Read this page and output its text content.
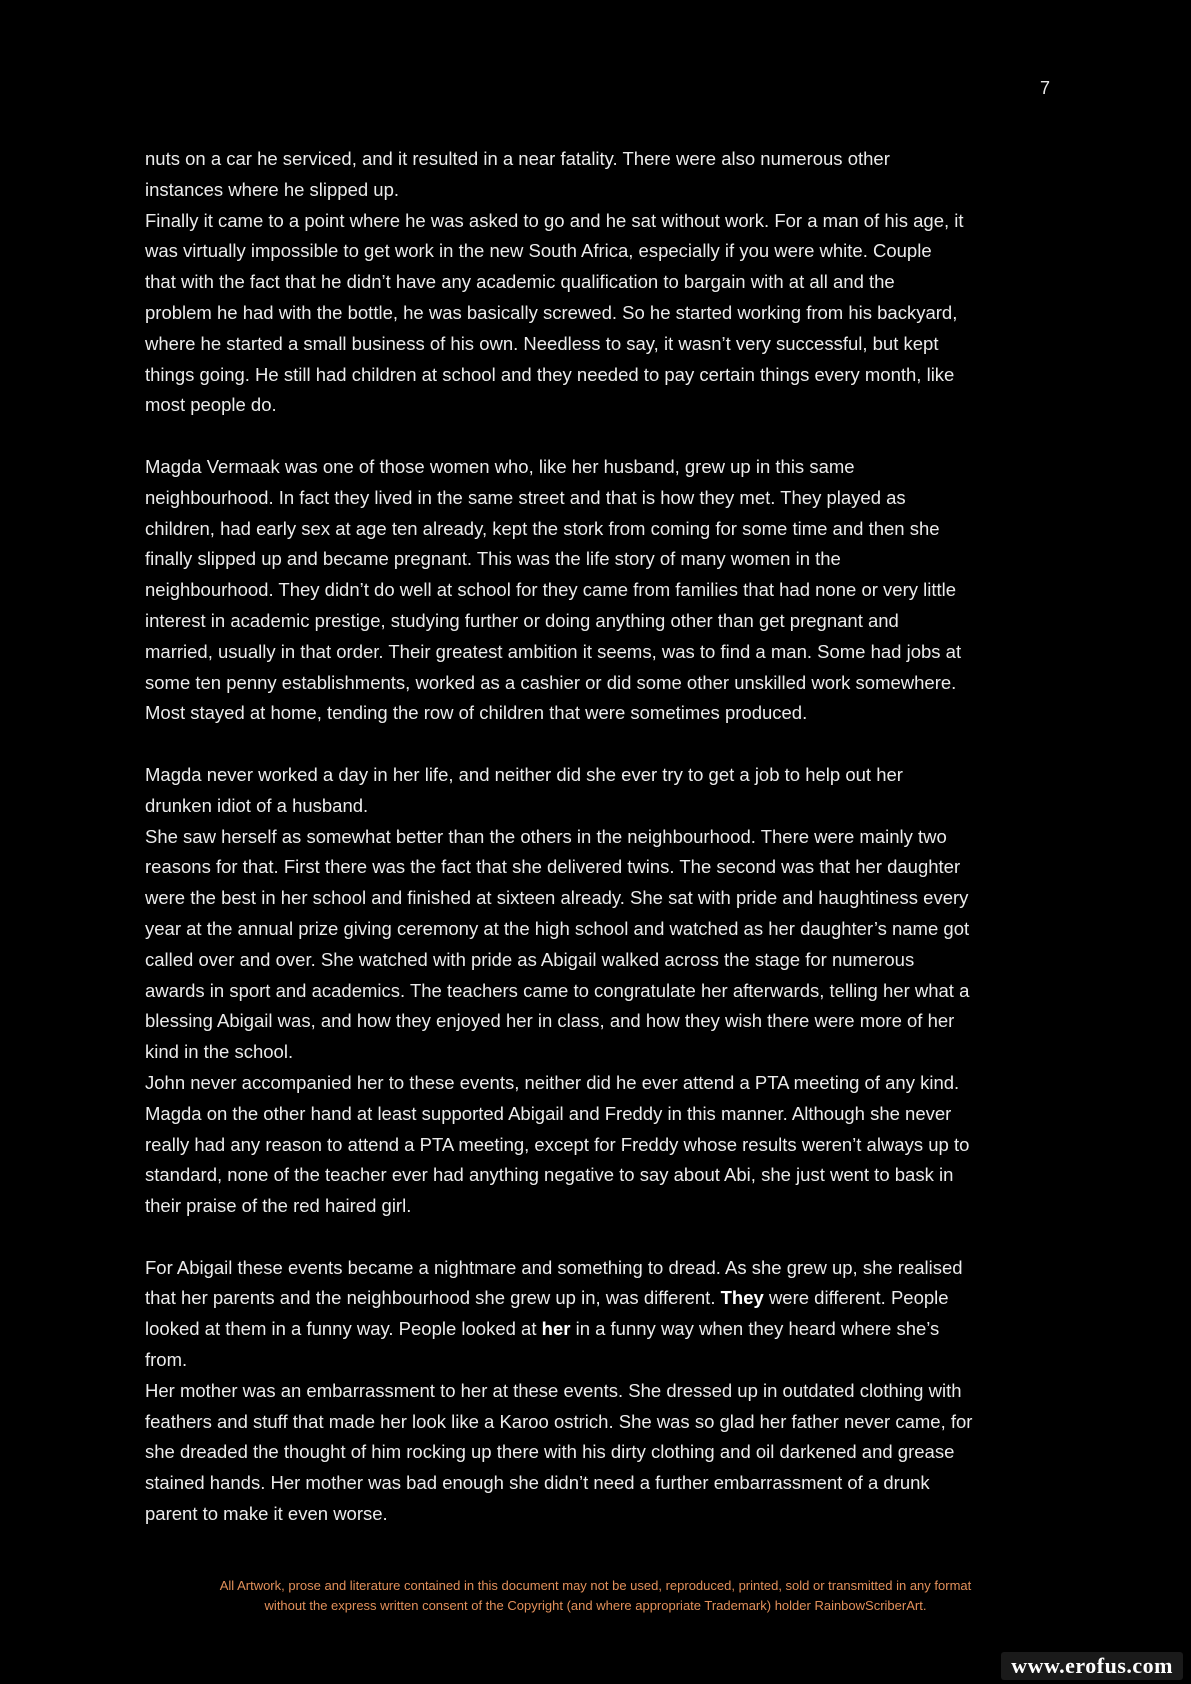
7
nuts on a car he serviced, and it resulted in a near fatality. There were also numerous other
instances where he slipped up.
Finally it came to a point where he was asked to go and he sat without work. For a man of his age, it
was virtually impossible to get work in the new South Africa, especially if you were white. Couple
that with the fact that he didn’t have any academic qualification to bargain with at all and the
problem he had with the bottle, he was basically screwed. So he started working from his backyard,
where he started a small business of his own. Needless to say, it wasn’t very successful, but kept
things going. He still had children at school and they needed to pay certain things every month, like
most people do.
Magda Vermaak was one of those women who, like her husband, grew up in this same
neighbourhood. In fact they lived in the same street and that is how they met. They played as
children, had early sex at age ten already, kept the stork from coming for some time and then she
finally slipped up and became pregnant. This was the life story of many women in the
neighbourhood. They didn’t do well at school for they came from families that had none or very little
interest in academic prestige, studying further or doing anything other than get pregnant and
married, usually in that order. Their greatest ambition it seems, was to find a man. Some had jobs at
some ten penny establishments, worked as a cashier or did some other unskilled work somewhere.
Most stayed at home, tending the row of children that were sometimes produced.
Magda never worked a day in her life, and neither did she ever try to get a job to help out her
drunken idiot of a husband.
She saw herself as somewhat better than the others in the neighbourhood. There were mainly two
reasons for that. First there was the fact that she delivered twins. The second was that her daughter
were the best in her school and finished at sixteen already. She sat with pride and haughtiness every
year at the annual prize giving ceremony at the high school and watched as her daughter’s name got
called over and over. She watched with pride as Abigail walked across the stage for numerous
awards in sport and academics. The teachers came to congratulate her afterwards, telling her what a
blessing Abigail was, and how they enjoyed her in class, and how they wish there were more of her
kind in the school.
John never accompanied her to these events, neither did he ever attend a PTA meeting of any kind.
Magda on the other hand at least supported Abigail and Freddy in this manner. Although she never
really had any reason to attend a PTA meeting, except for Freddy whose results weren’t always up to
standard, none of the teacher ever had anything negative to say about Abi, she just went to bask in
their praise of the red haired girl.
For Abigail these events became a nightmare and something to dread. As she grew up, she realised
that her parents and the neighbourhood she grew up in, was different. They were different. People
looked at them in a funny way. People looked at her in a funny way when they heard where she’s
from.
Her mother was an embarrassment to her at these events. She dressed up in outdated clothing with
feathers and stuff that made her look like a Karoo ostrich. She was so glad her father never came, for
she dreaded the thought of him rocking up there with his dirty clothing and oil darkened and grease
stained hands. Her mother was bad enough she didn’t need a further embarrassment of a drunk
parent to make it even worse.
All Artwork, prose and literature contained in this document may not be used, reproduced, printed, sold or transmitted in any format
without the express written consent of the Copyright (and where appropriate Trademark) holder RainbowScriberArt.
www.erofus.com
